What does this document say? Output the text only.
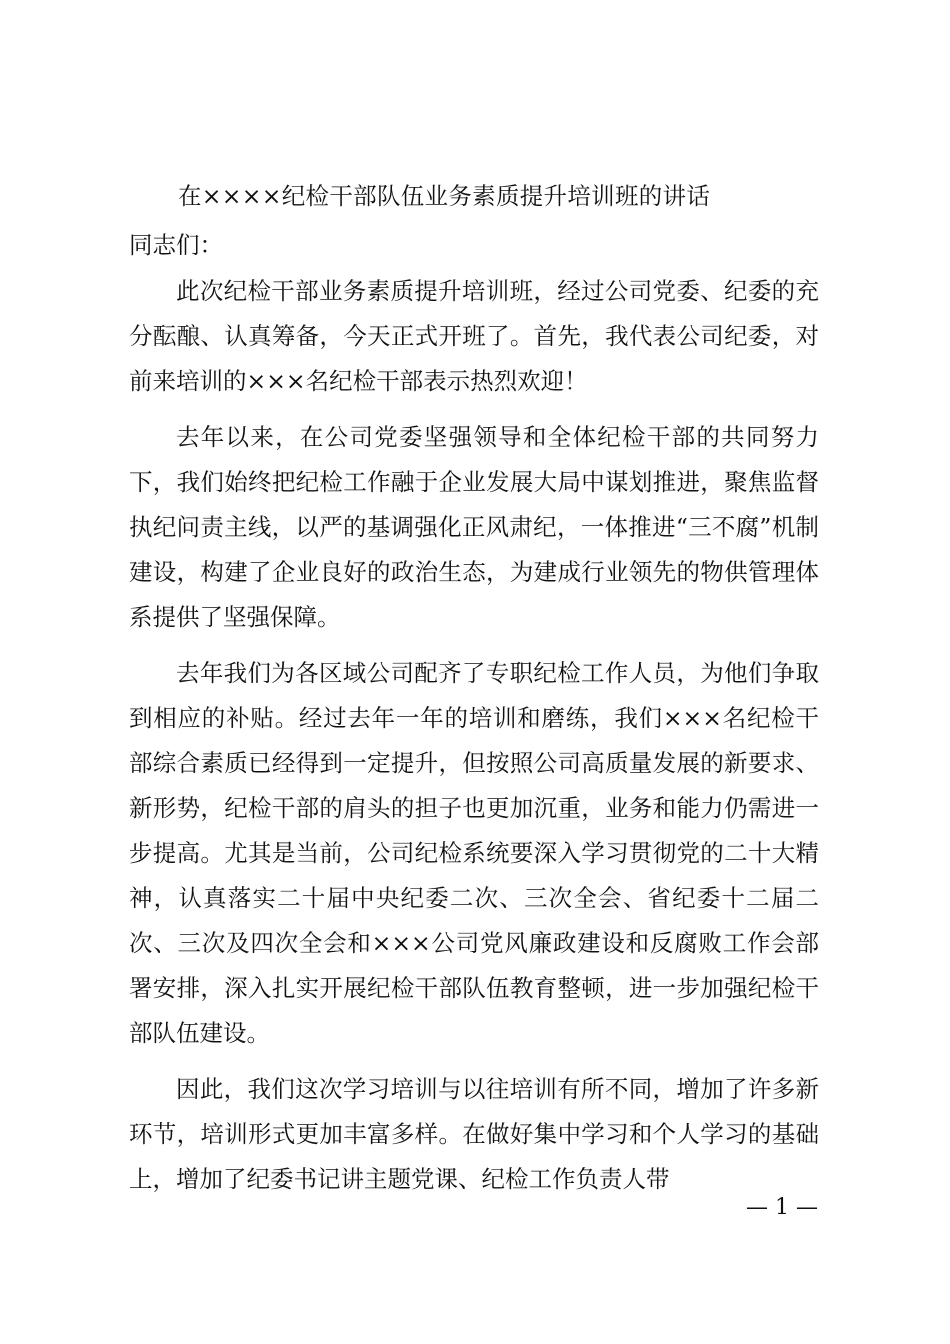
在××××纪检干部队伍业务素质提升培训班的讲话
同志们：

此次纪检干部业务素质提升培训班，经过公司党委、纪委的充分酝酿、认真筹备，今天正式开班了。首先，我代表公司纪委，对前来培训的×××名纪检干部表示热烈欢迎！

去年以来，在公司党委坚强领导和全体纪检干部的共同努力下，我们始终把纪检工作融于企业发展大局中谋划推进，聚焦监督执纪问责主线，以严的基调强化正风肃纪，一体推进“三不腐”机制建设，构建了企业良好的政治生态，为建成行业领先的物供管理体系提供了坚强保障。

去年我们为各区域公司配齐了专职纪检工作人员，为他们争取到相应的补贴。经过去年一年的培训和磨练，我们×××名纪检干部综合素质已经得到一定提升，但按照公司高质量发展的新要求、新形势，纪检干部的肩头的担子也更加沉重，业务和能力仍需进一步提高。尤其是当前，公司纪检系统要深入学习贯彻党的二十大精神，认真落实二十届中央纪委二次、三次全会、省纪委十二届二次、三次及四次全会和×××公司党风廉政建设和反腐败工作会部署安排，深入扎实开展纪检干部队伍教育整顿，进一步加强纪检干部队伍建设。

因此，我们这次学习培训与以往培训有所不同，增加了许多新环节，培训形式更加丰富多样。在做好集中学习和个人学习的基础上，增加了纪委书记讲主题党课、纪检工作负责人带

— 1 —
